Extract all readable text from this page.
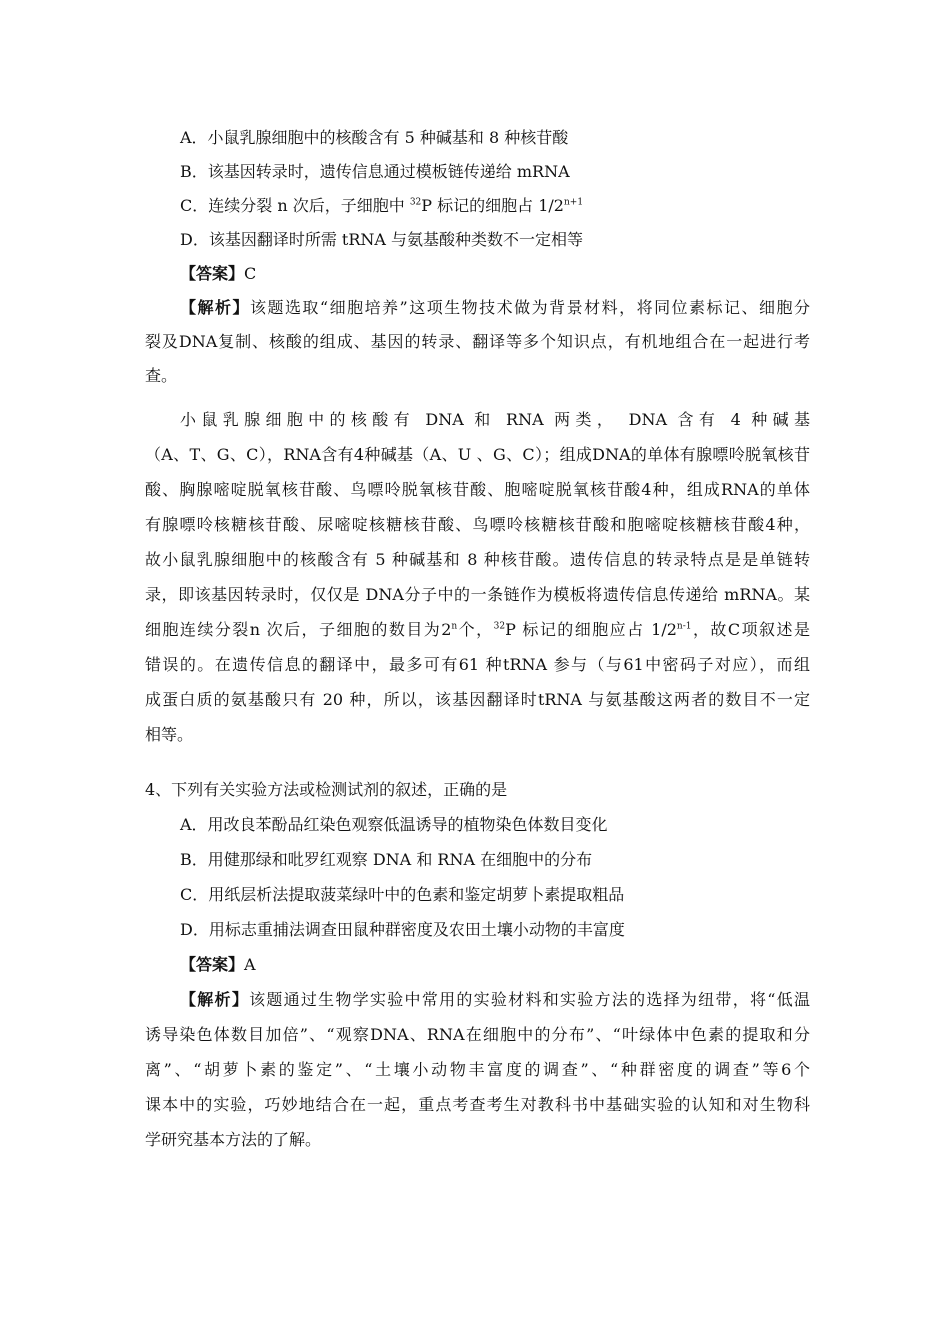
A．小鼠乳腺细胞中的核酸含有 5 种碱基和 8 种核苷酸
B．该基因转录时，遗传信息通过模板链传递给 mRNA
C．连续分裂 n 次后，子细胞中 $^{32}$P 标记的细胞占 $1/2^{n+1}$
D．该基因翻译时所需 tRNA 与氨基酸种类数不一定相等
【答案】C
【解析】该题选取“细胞培养”这项生物技术做为背景材料，将同位素标记、细胞分
裂及DNA复制、核酸的组成、基因的转录、翻译等多个知识点，有机地组合在一起进行考
查。
小鼠乳腺细胞中的核酸有 DNA 和 RNA 两类， DNA 含有 4 种碱基
（A、T、G、C），RNA含有4种碱基（A、U 、G、C）；组成DNA的单体有腺嘌呤脱氧核苷
酸、胸腺嘧啶脱氧核苷酸、鸟嘌呤脱氧核苷酸、胞嘧啶脱氧核苷酸4种，组成RNA的单体
有腺嘌呤核糖核苷酸、尿嘧啶核糖核苷酸、鸟嘌呤核糖核苷酸和胞嘧啶核糖核苷酸4种，
故小鼠乳腺细胞中的核酸含有 5 种碱基和 8 种核苷酸。遗传信息的转录特点是是单链转
录，即该基因转录时，仅仅是 DNA分子中的一条链作为模板将遗传信息传递给 mRNA。某
细胞连续分裂n 次后，子细胞的数目为2$^n$个，$^{32}$P 标记的细胞应占 1/2$^{n-1}$，故C项叙述是
错误的。在遗传信息的翻译中，最多可有61 种tRNA 参与（与61中密码子对应），而组
成蛋白质的氨基酸只有 20 种，所以，该基因翻译时tRNA 与氨基酸这两者的数目不一定
相等。
4、下列有关实验方法或检测试剂的叙述，正确的是
A．用改良苯酚品红染色观察低温诱导的植物染色体数目变化
B．用健那绿和吡罗红观察 DNA 和 RNA 在细胞中的分布
C．用纸层析法提取菠菜绿叶中的色素和鉴定胡萝卜素提取粗品
D．用标志重捕法调查田鼠种群密度及农田土壤小动物的丰富度
【答案】A
【解析】该题通过生物学实验中常用的实验材料和实验方法的选择为纽带，将“低温
诱导染色体数目加倍”、“观察DNA、RNA在细胞中的分布”、“叶绿体中色素的提取和分
离”、“胡萝卜素的鉴定”、“土壤小动物丰富度的调查”、“种群密度的调查”等6个
课本中的实验，巧妙地结合在一起，重点考查考生对教科书中基础实验的认知和对生物科
学研究基本方法的了解。
